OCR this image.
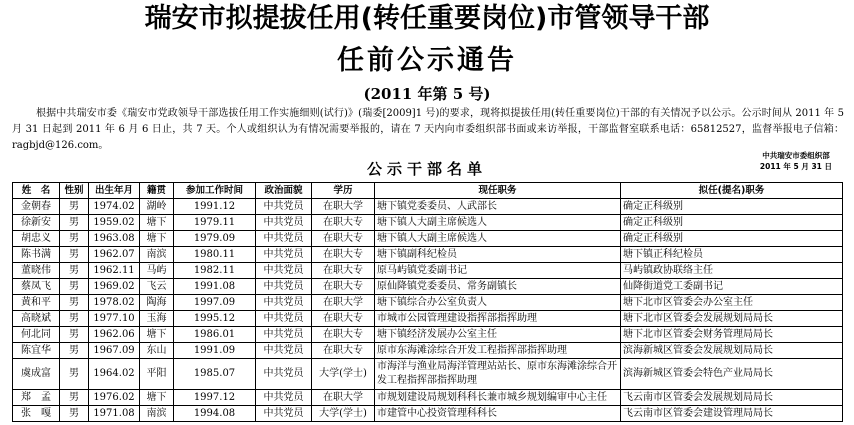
瑞安市拟提拔任用(转任重要岗位)市管领导干部
任前公示通告
(2011 年第 5 号)

根据中共瑞安市委《瑞安市党政领导干部选拔任用工作实施细则(试行)》(瑞委[2009]1 号)的要求，现将拟提拔任用(转任重要岗位)干部的有关情况予以公示。公示时间从 2011 年 5 月 31 日起到 2011 年 6 月 6 日止，共 7 天。个人或组织认为有情况需要举报的，请在 7 天内向市委组织部书面或来访举报，干部监督室联系电话：65812527，监督举报电子信箱：ragbjd@126.com。

中共瑞安市委组织部
2011 年 5 月 31 日
公示干部名单
姓　名	性别	出生年月	籍贯	参加工作时间	政治面貌	学历	现任职务	拟任(提名)职务
金朝春	男	1974.02	湖岭	1991.12	中共党员	在职大学	塘下镇党委委员、人武部长	确定正科级别
徐新安	男	1959.02	塘下	1979.11	中共党员	在职大专	塘下镇人大副主席候选人	确定正科级别
胡忠义	男	1963.08	塘下	1979.09	中共党员	在职大专	塘下镇人大副主席候选人	确定正科级别
陈书满	男	1962.07	南滨	1980.11	中共党员	在职大专	塘下镇副科纪检员	塘下镇正科纪检员
董晓伟	男	1962.11	马屿	1982.11	中共党员	在职大专	原马屿镇党委副书记	马屿镇政协联络主任
蔡凤飞	男	1969.02	飞云	1991.08	中共党员	在职大专	原仙降镇党委委员、常务副镇长	仙降街道党工委副书记
黄和平	男	1978.02	陶海	1997.09	中共党员	在职大学	塘下镇综合办公室负责人	塘下北市区管委会办公室主任
高晓斌	男	1977.10	玉海	1995.12	中共党员	在职大专	市城市公园管理建设指挥部指挥助理	塘下北市区管委会发展规划局局长
何北同	男	1962.06	塘下	1986.01	中共党员	在职大专	塘下镇经济发展办公室主任	塘下北市区管委会财务管理局局长
陈宜华	男	1967.09	东山	1991.09	中共党员	在职大专	原市东海滩涂综合开发工程指挥部指挥助理	滨海新城区管委会发展规划局局长
虞成富	男	1964.02	平阳	1985.07	中共党员	大学(学士)	市海洋与渔业局海洋管理站站长、原市东海滩涂综合开发工程指挥部指挥助理	滨海新城区管委会特色产业局局长
郑　孟	男	1976.02	塘下	1997.12	中共党员	在职大学	市规划建设局规划科科长兼市城乡规划编审中心主任	飞云南市区管委会发展规划局局长
张　嘎	男	1971.08	南滨	1994.08	中共党员	大学(学士)	市建管中心投资管理科科长	飞云南市区管委会建设管理局局长
